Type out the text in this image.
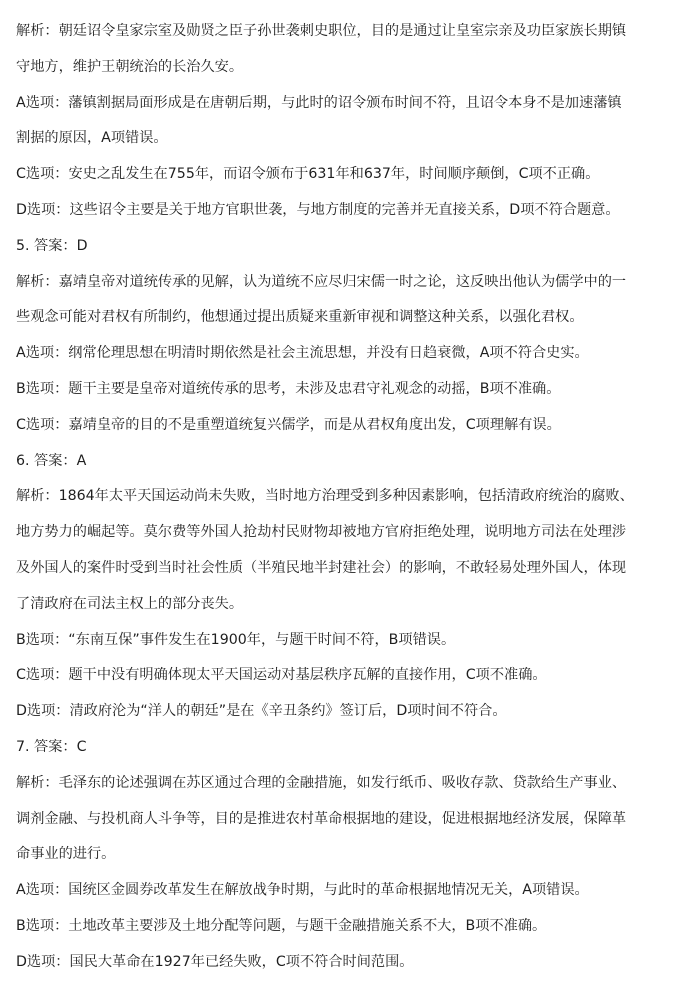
解析：朝廷诏令皇家宗室及勋贤之臣子孙世袭刺史职位，目的是通过让皇室宗亲及功臣家族长期镇
守地方，维护王朝统治的长治久安。
A选项：藩镇割据局面形成是在唐朝后期，与此时的诏令颁布时间不符，且诏令本身不是加速藩镇
割据的原因，A项错误。
C选项：安史之乱发生在755年，而诏令颁布于631年和637年，时间顺序颠倒，C项不正确。
D选项：这些诏令主要是关于地方官职世袭，与地方制度的完善并无直接关系，D项不符合题意。
5. 答案：D
解析：嘉靖皇帝对道统传承的见解，认为道统不应尽归宋儒一时之论，这反映出他认为儒学中的一
些观念可能对君权有所制约，他想通过提出质疑来重新审视和调整这种关系，以强化君权。
A选项：纲常伦理思想在明清时期依然是社会主流思想，并没有日趋衰微，A项不符合史实。
B选项：题干主要是皇帝对道统传承的思考，未涉及忠君守礼观念的动摇，B项不准确。
C选项：嘉靖皇帝的目的不是重塑道统复兴儒学，而是从君权角度出发，C项理解有误。
6. 答案：A
解析：1864年太平天国运动尚未失败，当时地方治理受到多种因素影响，包括清政府统治的腐败、
地方势力的崛起等。莫尔费等外国人抢劫村民财物却被地方官府拒绝处理，说明地方司法在处理涉
及外国人的案件时受到当时社会性质（半殖民地半封建社会）的影响，不敢轻易处理外国人，体现
了清政府在司法主权上的部分丧失。
B选项：“东南互保”事件发生在1900年，与题干时间不符，B项错误。
C选项：题干中没有明确体现太平天国运动对基层秩序瓦解的直接作用，C项不准确。
D选项：清政府沦为“洋人的朝廷”是在《辛丑条约》签订后，D项时间不符合。
7. 答案：C
解析：毛泽东的论述强调在苏区通过合理的金融措施，如发行纸币、吸收存款、贷款给生产事业、
调剂金融、与投机商人斗争等，目的是推进农村革命根据地的建设，促进根据地经济发展，保障革
命事业的进行。
A选项：国统区金圆券改革发生在解放战争时期，与此时的革命根据地情况无关，A项错误。
B选项：土地改革主要涉及土地分配等问题，与题干金融措施关系不大，B项不准确。
D选项：国民大革命在1927年已经失败，C项不符合时间范围。
